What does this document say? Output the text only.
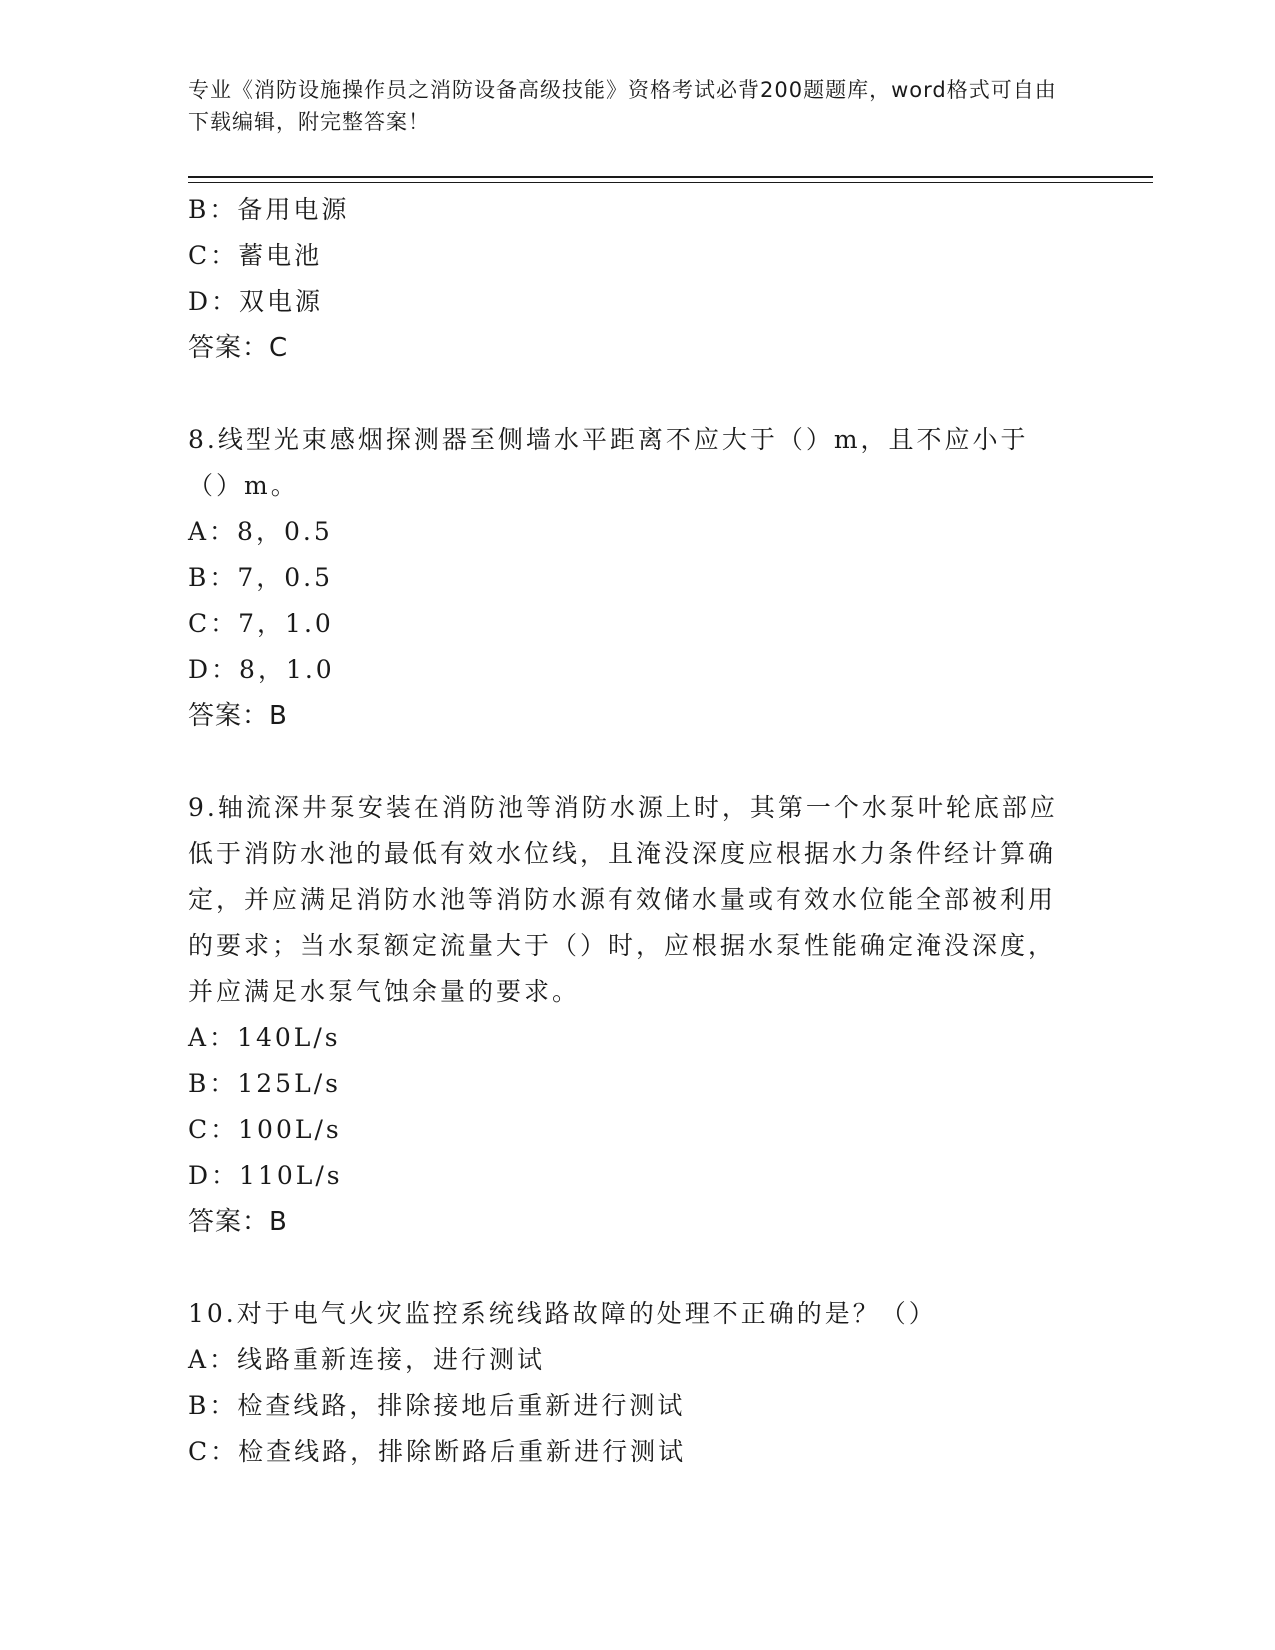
专业《消防设施操作员之消防设备高级技能》资格考试必背200题题库，word格式可自由下载编辑，附完整答案！
B：备用电源
C：蓄电池
D：双电源
答案：C
8.线型光束感烟探测器至侧墙水平距离不应大于（）m，且不应小于（）m。
A：8，0.5
B：7，0.5
C：7，1.0
D：8，1.0
答案：B
9.轴流深井泵安装在消防池等消防水源上时，其第一个水泵叶轮底部应低于消防水池的最低有效水位线，且淹没深度应根据水力条件经计算确定，并应满足消防水池等消防水源有效储水量或有效水位能全部被利用的要求；当水泵额定流量大于（）时，应根据水泵性能确定淹没深度，并应满足水泵气蚀余量的要求。
A：140L/s
B：125L/s
C：100L/s
D：110L/s
答案：B
10.对于电气火灾监控系统线路故障的处理不正确的是？（）
A：线路重新连接，进行测试
B：检查线路，排除接地后重新进行测试
C：检查线路，排除断路后重新进行测试
